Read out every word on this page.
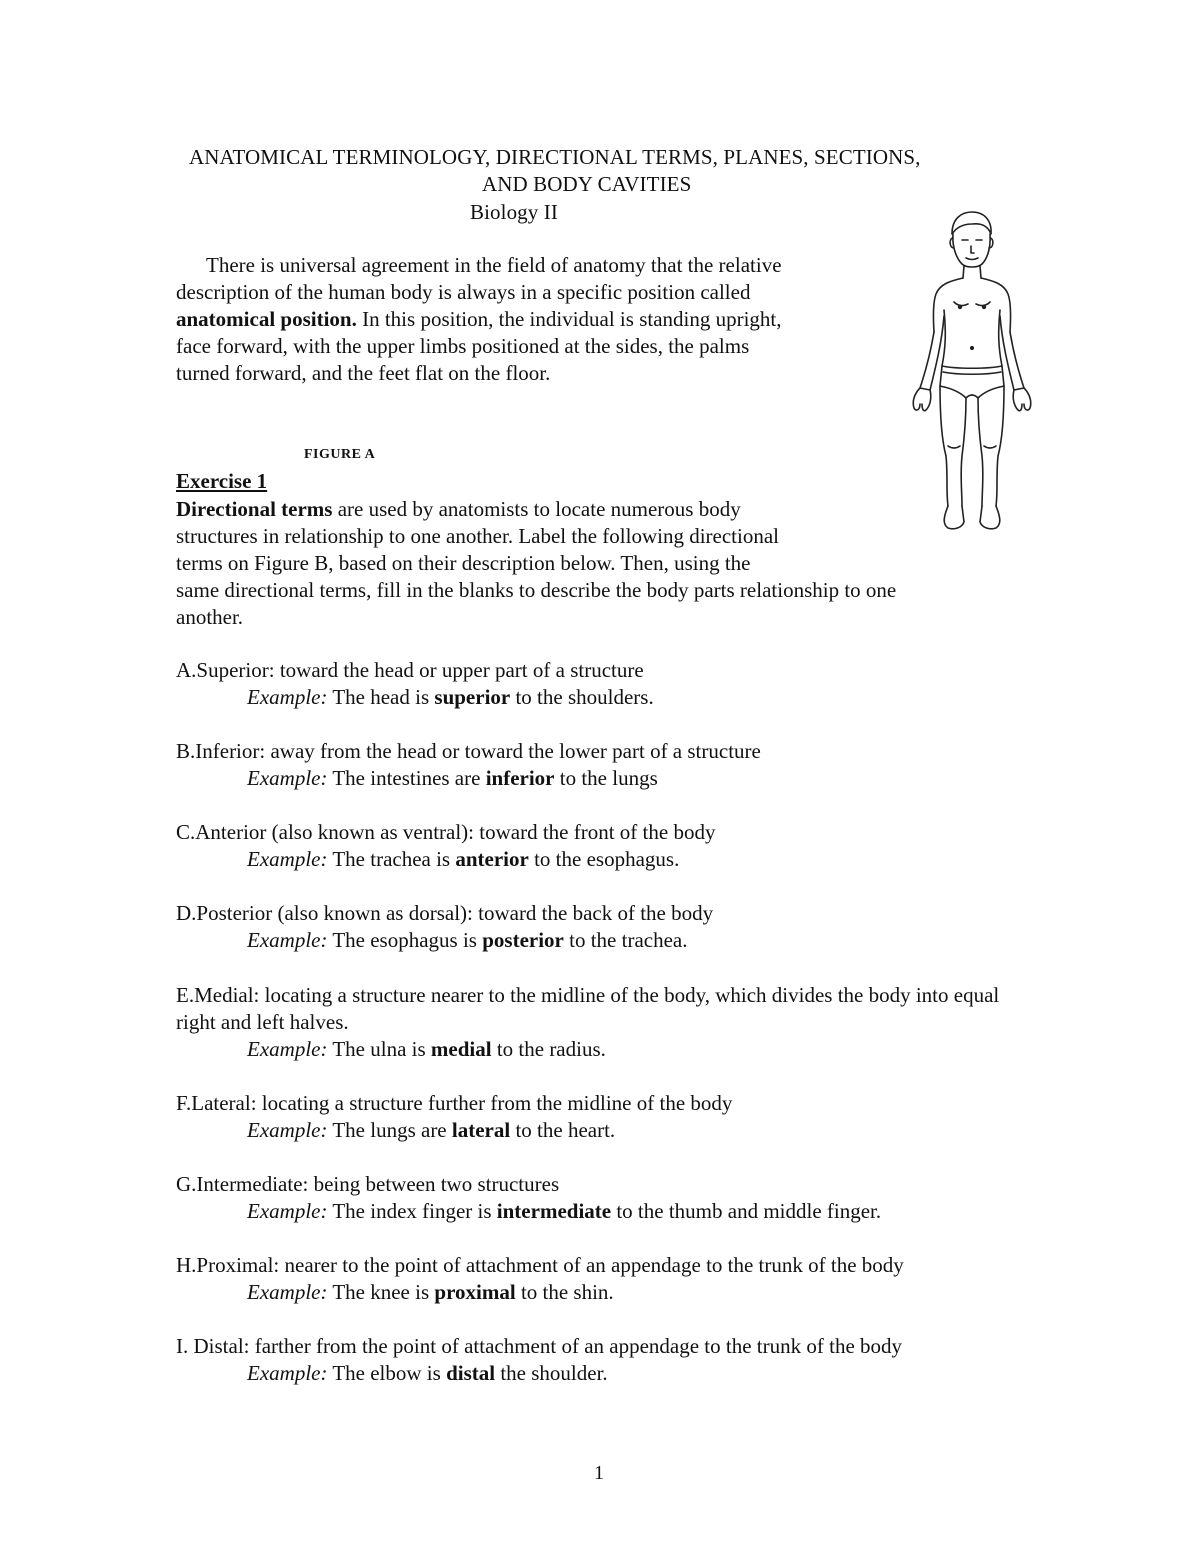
ANATOMICAL TERMINOLOGY, DIRECTIONAL TERMS, PLANES, SECTIONS,
AND BODY CAVITIES
Biology II
There is universal agreement in the field of anatomy that the relative
description of the human body is always in a specific position called
anatomical position. In this position, the individual is standing upright,
face forward, with the upper limbs positioned at the sides, the palms
turned forward, and the feet flat on the floor.
FIGURE A
Exercise 1
Directional terms are used by anatomists to locate numerous body
structures in relationship to one another. Label the following directional
terms on Figure B, based on their description below. Then, using the
same directional terms, fill in the blanks to describe the body parts relationship to one
another.
A.Superior: toward the head or upper part of a structure
Example: The head is superior to the shoulders.
B.Inferior: away from the head or toward the lower part of a structure
Example: The intestines are inferior to the lungs
C.Anterior (also known as ventral): toward the front of the body
Example: The trachea is anterior to the esophagus.
D.Posterior (also known as dorsal): toward the back of the body
Example: The esophagus is posterior to the trachea.
E.Medial: locating a structure nearer to the midline of the body, which divides the body into equal right and left halves.
Example: The ulna is medial to the radius.
F.Lateral: locating a structure further from the midline of the body
Example: The lungs are lateral to the heart.
G.Intermediate: being between two structures
Example: The index finger is intermediate to the thumb and middle finger.
H.Proximal: nearer to the point of attachment of an appendage to the trunk of the body
Example: The knee is proximal to the shin.
I. Distal: farther from the point of attachment of an appendage to the trunk of the body
Example: The elbow is distal the shoulder.
1
